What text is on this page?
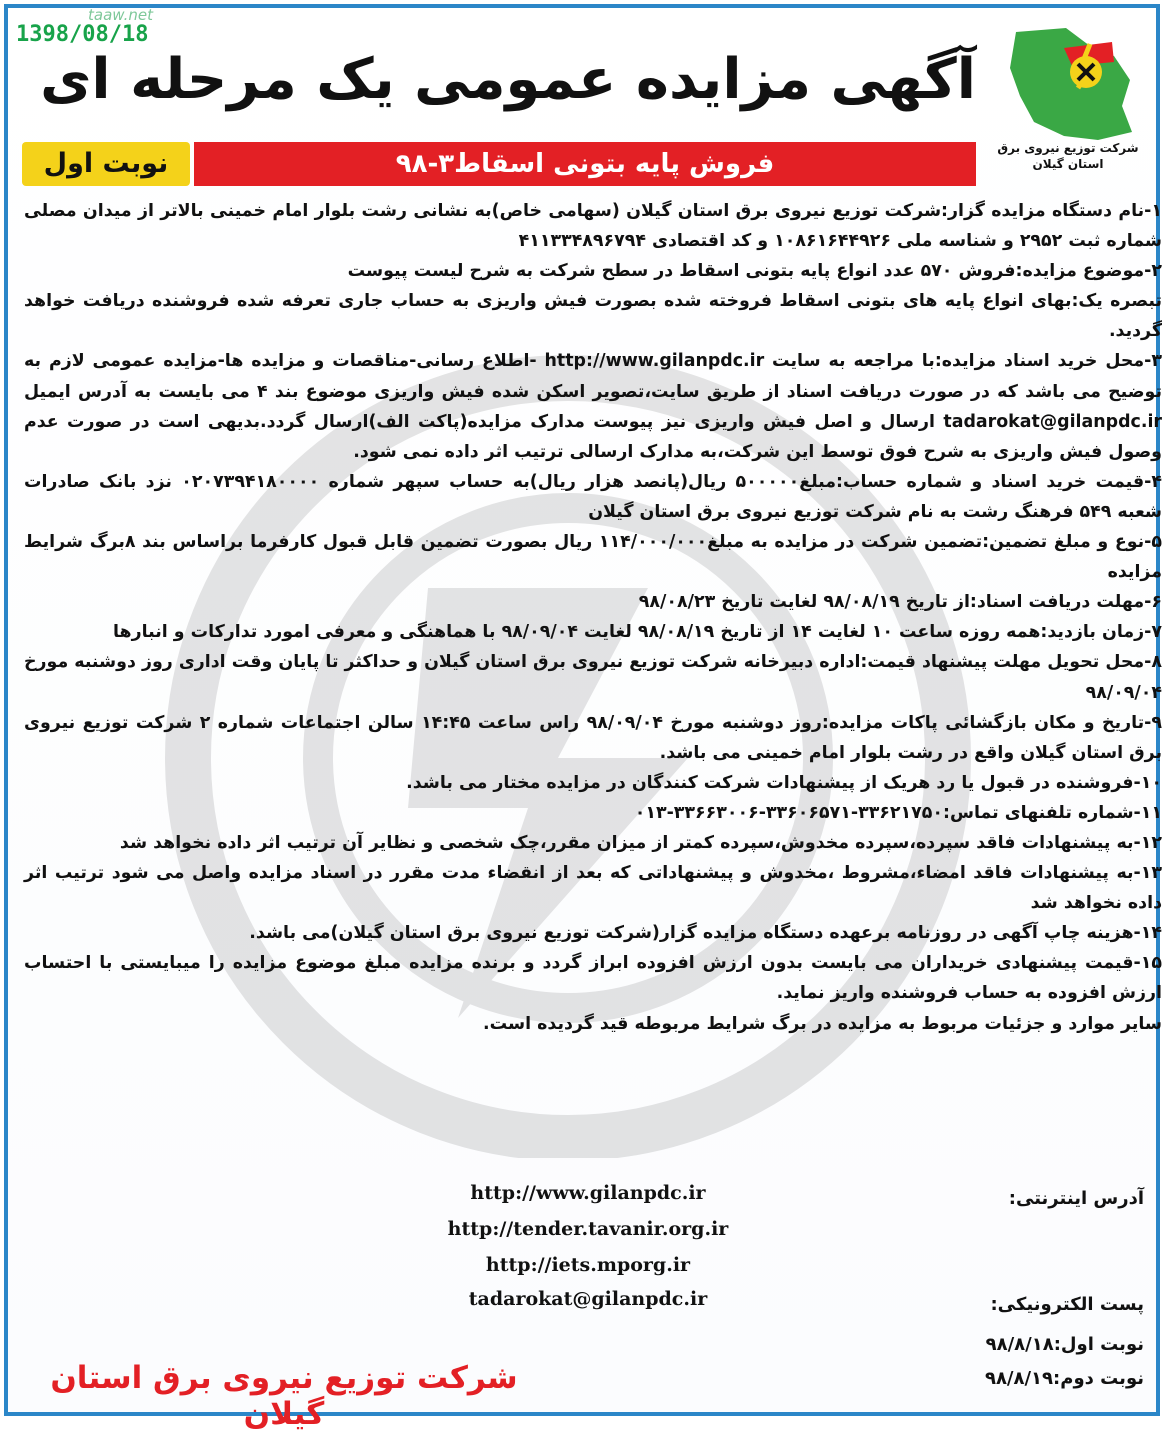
taaw.net
1398/08/18
شرکت توزیع نیروی برق استان گیلان
آگهی مزایده عمومی یک مرحله ای
فروش پایه بتونی اسقاط۳-۹۸
نوبت اول

۱-نام دستگاه مزایده گزار:شرکت توزیع نیروی برق استان گیلان (سهامی خاص)به نشانی رشت بلوار امام خمینی بالاتر از میدان مصلی شماره ثبت ۲۹۵۲ و شناسه ملی ۱۰۸۶۱۶۴۴۹۲۶ و کد اقتصادی ۴۱۱۳۳۴۸۹۶۷۹۴

۲-موضوع مزایده:فروش ۵۷۰ عدد انواع پایه بتونی اسقاط در سطح شرکت به شرح لیست پیوست

تبصره یک:بهای انواع پایه های بتونی اسقاط فروخته شده بصورت فیش واریزی به حساب جاری تعرفه شده فروشنده دریافت خواهد گردید.

۳-محل خرید اسناد مزایده:با مراجعه به سایت http://www.gilanpdc.ir -اطلاع رسانی-مناقصات و مزایده ها-مزایده عمومی لازم به توضیح می باشد که در صورت دریافت اسناد از طریق سایت،تصویر اسکن شده فیش واریزی موضوع بند ۴ می بایست به آدرس ایمیل tadarokat@gilanpdc.ir ارسال و اصل فیش واریزی نیز پیوست مدارک مزایده(پاکت الف)ارسال گردد.بدیهی است در صورت عدم وصول فیش واریزی به شرح فوق توسط این شرکت،به مدارک ارسالی ترتیب اثر داده نمی شود.

۴-قیمت خرید اسناد و شماره حساب:مبلغ۵۰۰۰۰۰ ریال(پانصد هزار ریال)به حساب سپهر شماره ۰۲۰۷۳۹۴۱۸۰۰۰۰ نزد بانک صادرات شعبه ۵۴۹ فرهنگ رشت به نام شرکت توزیع نیروی برق استان گیلان

۵-نوع و مبلغ تضمین:تضمین شرکت در مزایده به مبلغ۱۱۴/۰۰۰/۰۰۰ ریال بصورت تضمین قابل قبول کارفرما براساس بند ۸برگ شرایط مزایده

۶-مهلت دریافت اسناد:از تاریخ ۹۸/۰۸/۱۹ لغایت تاریخ ۹۸/۰۸/۲۳

۷-زمان بازدید:همه روزه ساعت ۱۰ لغایت ۱۴ از تاریخ ۹۸/۰۸/۱۹ لغایت ۹۸/۰۹/۰۴ با هماهنگی و معرفی امورد تدارکات و انبارها

۸-محل تحویل مهلت پیشنهاد قیمت:اداره دبیرخانه شرکت توزیع نیروی برق استان گیلان و حداکثر تا پایان وقت اداری روز دوشنبه مورخ ۹۸/۰۹/۰۴

۹-تاریخ و مکان بازگشائی پاکات مزایده:روز دوشنبه مورخ ۹۸/۰۹/۰۴ راس ساعت ۱۴:۴۵ سالن اجتماعات شماره ۲ شرکت توزیع نیروی برق استان گیلان واقع در رشت بلوار امام خمینی می باشد.

۱۰-فروشنده در قبول یا رد هریک از پیشنهادات شرکت کنندگان در مزایده مختار می باشد.

۱۱-شماره تلفنهای تماس:۳۳۶۲۱۷۵۰-۳۳۶۰۶۵۷۱-۳۳۶۶۳۰۰۶-۰۱۳

۱۲-به پیشنهادات فاقد سپرده،سپرده مخدوش،سپرده کمتر از میزان مقرر،چک شخصی و نظایر آن ترتیب اثر داده نخواهد شد

۱۳-به پیشنهادات فاقد امضاء،مشروط ،مخدوش و پیشنهاداتی که بعد از انقضاء مدت مقرر در اسناد مزایده واصل می شود ترتیب اثر داده نخواهد شد

۱۴-هزینه چاپ آگهی در روزنامه برعهده دستگاه مزایده گزار(شرکت توزیع نیروی برق استان گیلان)می باشد.

۱۵-قیمت پیشنهادی خریداران می بایست بدون ارزش افزوده ابراز گردد و برنده مزایده مبلغ موضوع مزایده را میبایستی با احتساب ارزش افزوده به حساب فروشنده واریز نماید.

سایر موارد و جزئیات مربوط به مزایده در برگ شرایط مربوطه قید گردیده است.

آدرس اینترنتی:
http://www.gilanpdc.ir
http://tender.tavanir.org.ir
http://iets.mporg.ir
پست الکترونیکی:
tadarokat@gilanpdc.ir
نوبت اول:۹۸/۸/۱۸
نوبت دوم:۹۸/۸/۱۹
شرکت توزیع نیروی برق استان گیلان
